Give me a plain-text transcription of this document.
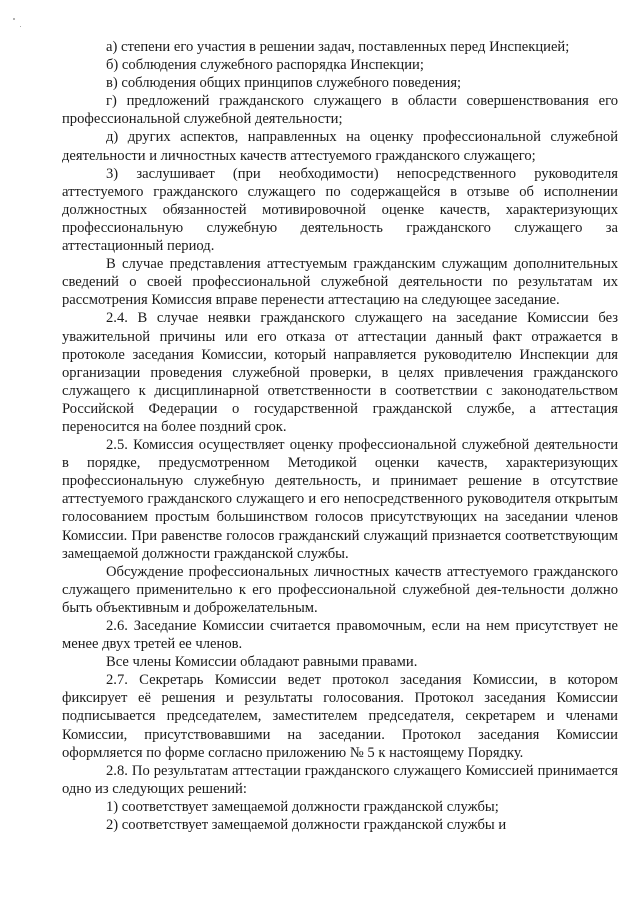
а) степени его участия в решении задач, поставленных перед Инспекцией;

б) соблюдения служебного распорядка Инспекции;

в) соблюдения общих принципов служебного поведения;

г) предложений гражданского служащего в области совершенствования его профессиональной служебной деятельности;

д) других аспектов, направленных на оценку профессиональной служебной деятельности и личностных качеств аттестуемого гражданского служащего;

3) заслушивает (при необходимости) непосредственного руководителя аттестуемого гражданского служащего по содержащейся в отзыве об исполнении должностных обязанностей мотивировочной оценке качеств, характеризующих профессиональную служебную деятельность гражданского служащего за аттестационный период.

В случае представления аттестуемым гражданским служащим дополнительных сведений о своей профессиональной служебной деятельности по результатам их рассмотрения Комиссия вправе перенести аттестацию на следующее заседание.

2.4. В случае неявки гражданского служащего на заседание Комиссии без уважительной причины или его отказа от аттестации данный факт отражается в протоколе заседания Комиссии, который направляется руководителю Инспекции для организации проведения служебной проверки, в целях привлечения гражданского служащего к дисциплинарной ответственности в соответствии с законодательством Российской Федерации о государственной гражданской службе, а аттестация переносится на более поздний срок.

2.5. Комиссия осуществляет оценку профессиональной служебной деятельности в порядке, предусмотренном Методикой оценки качеств, характеризующих профессиональную служебную деятельность, и принимает решение в отсутствие аттестуемого гражданского служащего и его непосредственного руководителя открытым голосованием простым большинством голосов присутствующих на заседании членов Комиссии. При равенстве голосов гражданский служащий признается соответствующим замещаемой должности гражданской службы.

Обсуждение профессиональных личностных качеств аттестуемого гражданского служащего применительно к его профессиональной служебной дея-тельности должно быть объективным и доброжелательным.

2.6. Заседание Комиссии считается правомочным, если на нем присутствует не менее двух третей ее членов.

Все члены Комиссии обладают равными правами.

2.7. Секретарь Комиссии ведет протокол заседания Комиссии, в котором фиксирует её решения и результаты голосования. Протокол заседания Комиссии подписывается председателем, заместителем председателя, секретарем и членами Комиссии, присутствовавшими на заседании. Протокол заседания Комиссии оформляется по форме согласно приложению № 5 к настоящему Порядку.

2.8. По результатам аттестации гражданского служащего Комиссией принимается одно из следующих решений:

1) соответствует замещаемой должности гражданской службы;

2) соответствует замещаемой должности гражданской службы и
